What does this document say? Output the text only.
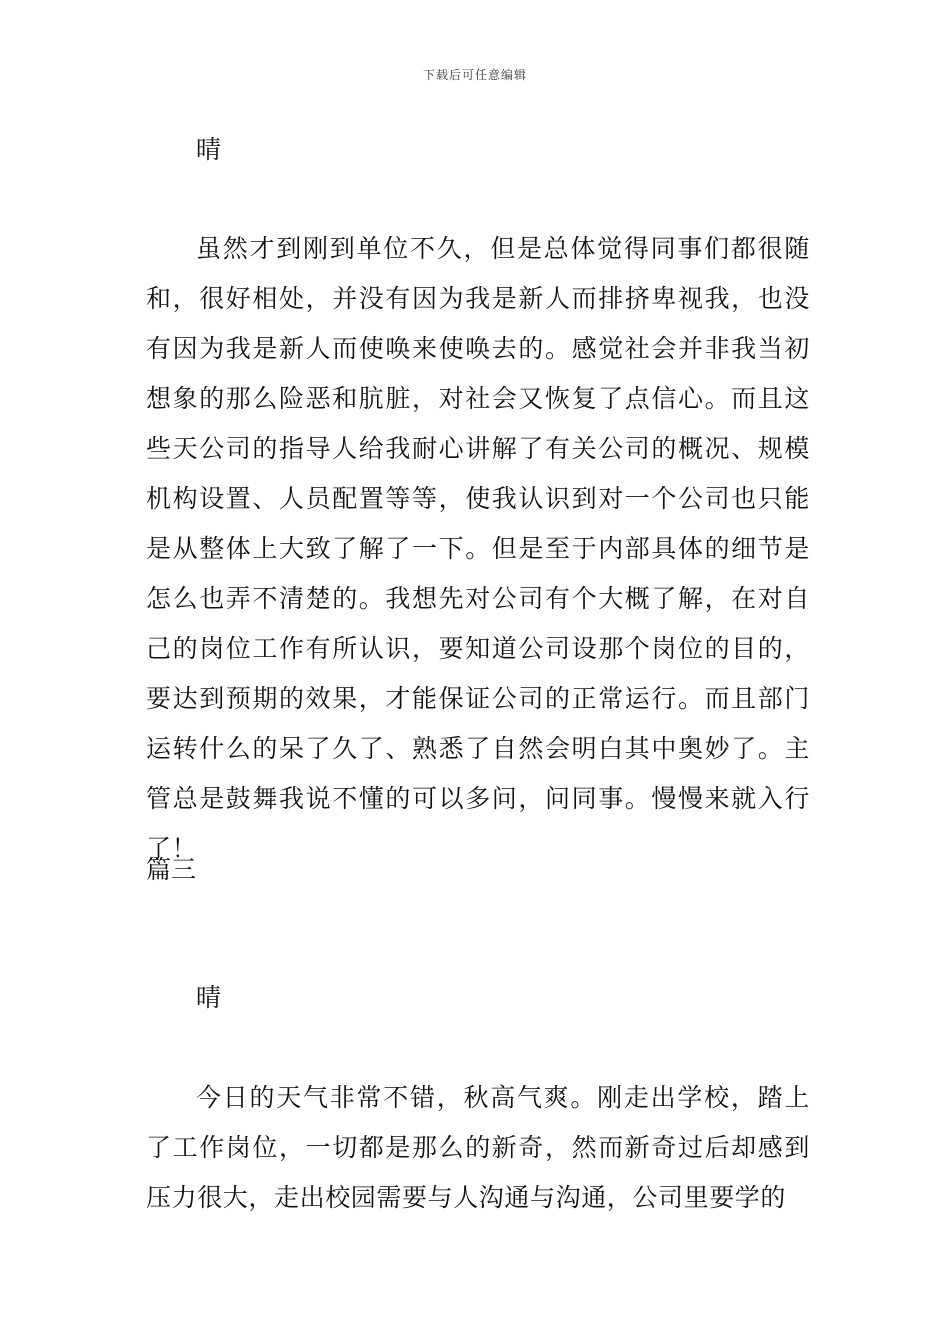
下载后可任意编辑
晴

虽然才到刚到单位不久，但是总体觉得同事们都很随和，很好相处，并没有因为我是新人而排挤卑视我，也没有因为我是新人而使唤来使唤去的。感觉社会并非我当初想象的那么险恶和肮脏，对社会又恢复了点信心。而且这些天公司的指导人给我耐心讲解了有关公司的概况、规模机构设置、人员配置等等，使我认识到对一个公司也只能是从整体上大致了解了一下。但是至于内部具体的细节是怎么也弄不清楚的。我想先对公司有个大概了解，在对自己的岗位工作有所认识，要知道公司设那个岗位的目的，要达到预期的效果，才能保证公司的正常运行。而且部门运转什么的呆了久了、熟悉了自然会明白其中奥妙了。主管总是鼓舞我说不懂的可以多问，问同事。慢慢来就入行了！

篇三
晴

今日的天气非常不错，秋高气爽。刚走出学校，踏上了工作岗位，一切都是那么的新奇，然而新奇过后却感到压力很大，走出校园需要与人沟通与沟通，公司里要学的
